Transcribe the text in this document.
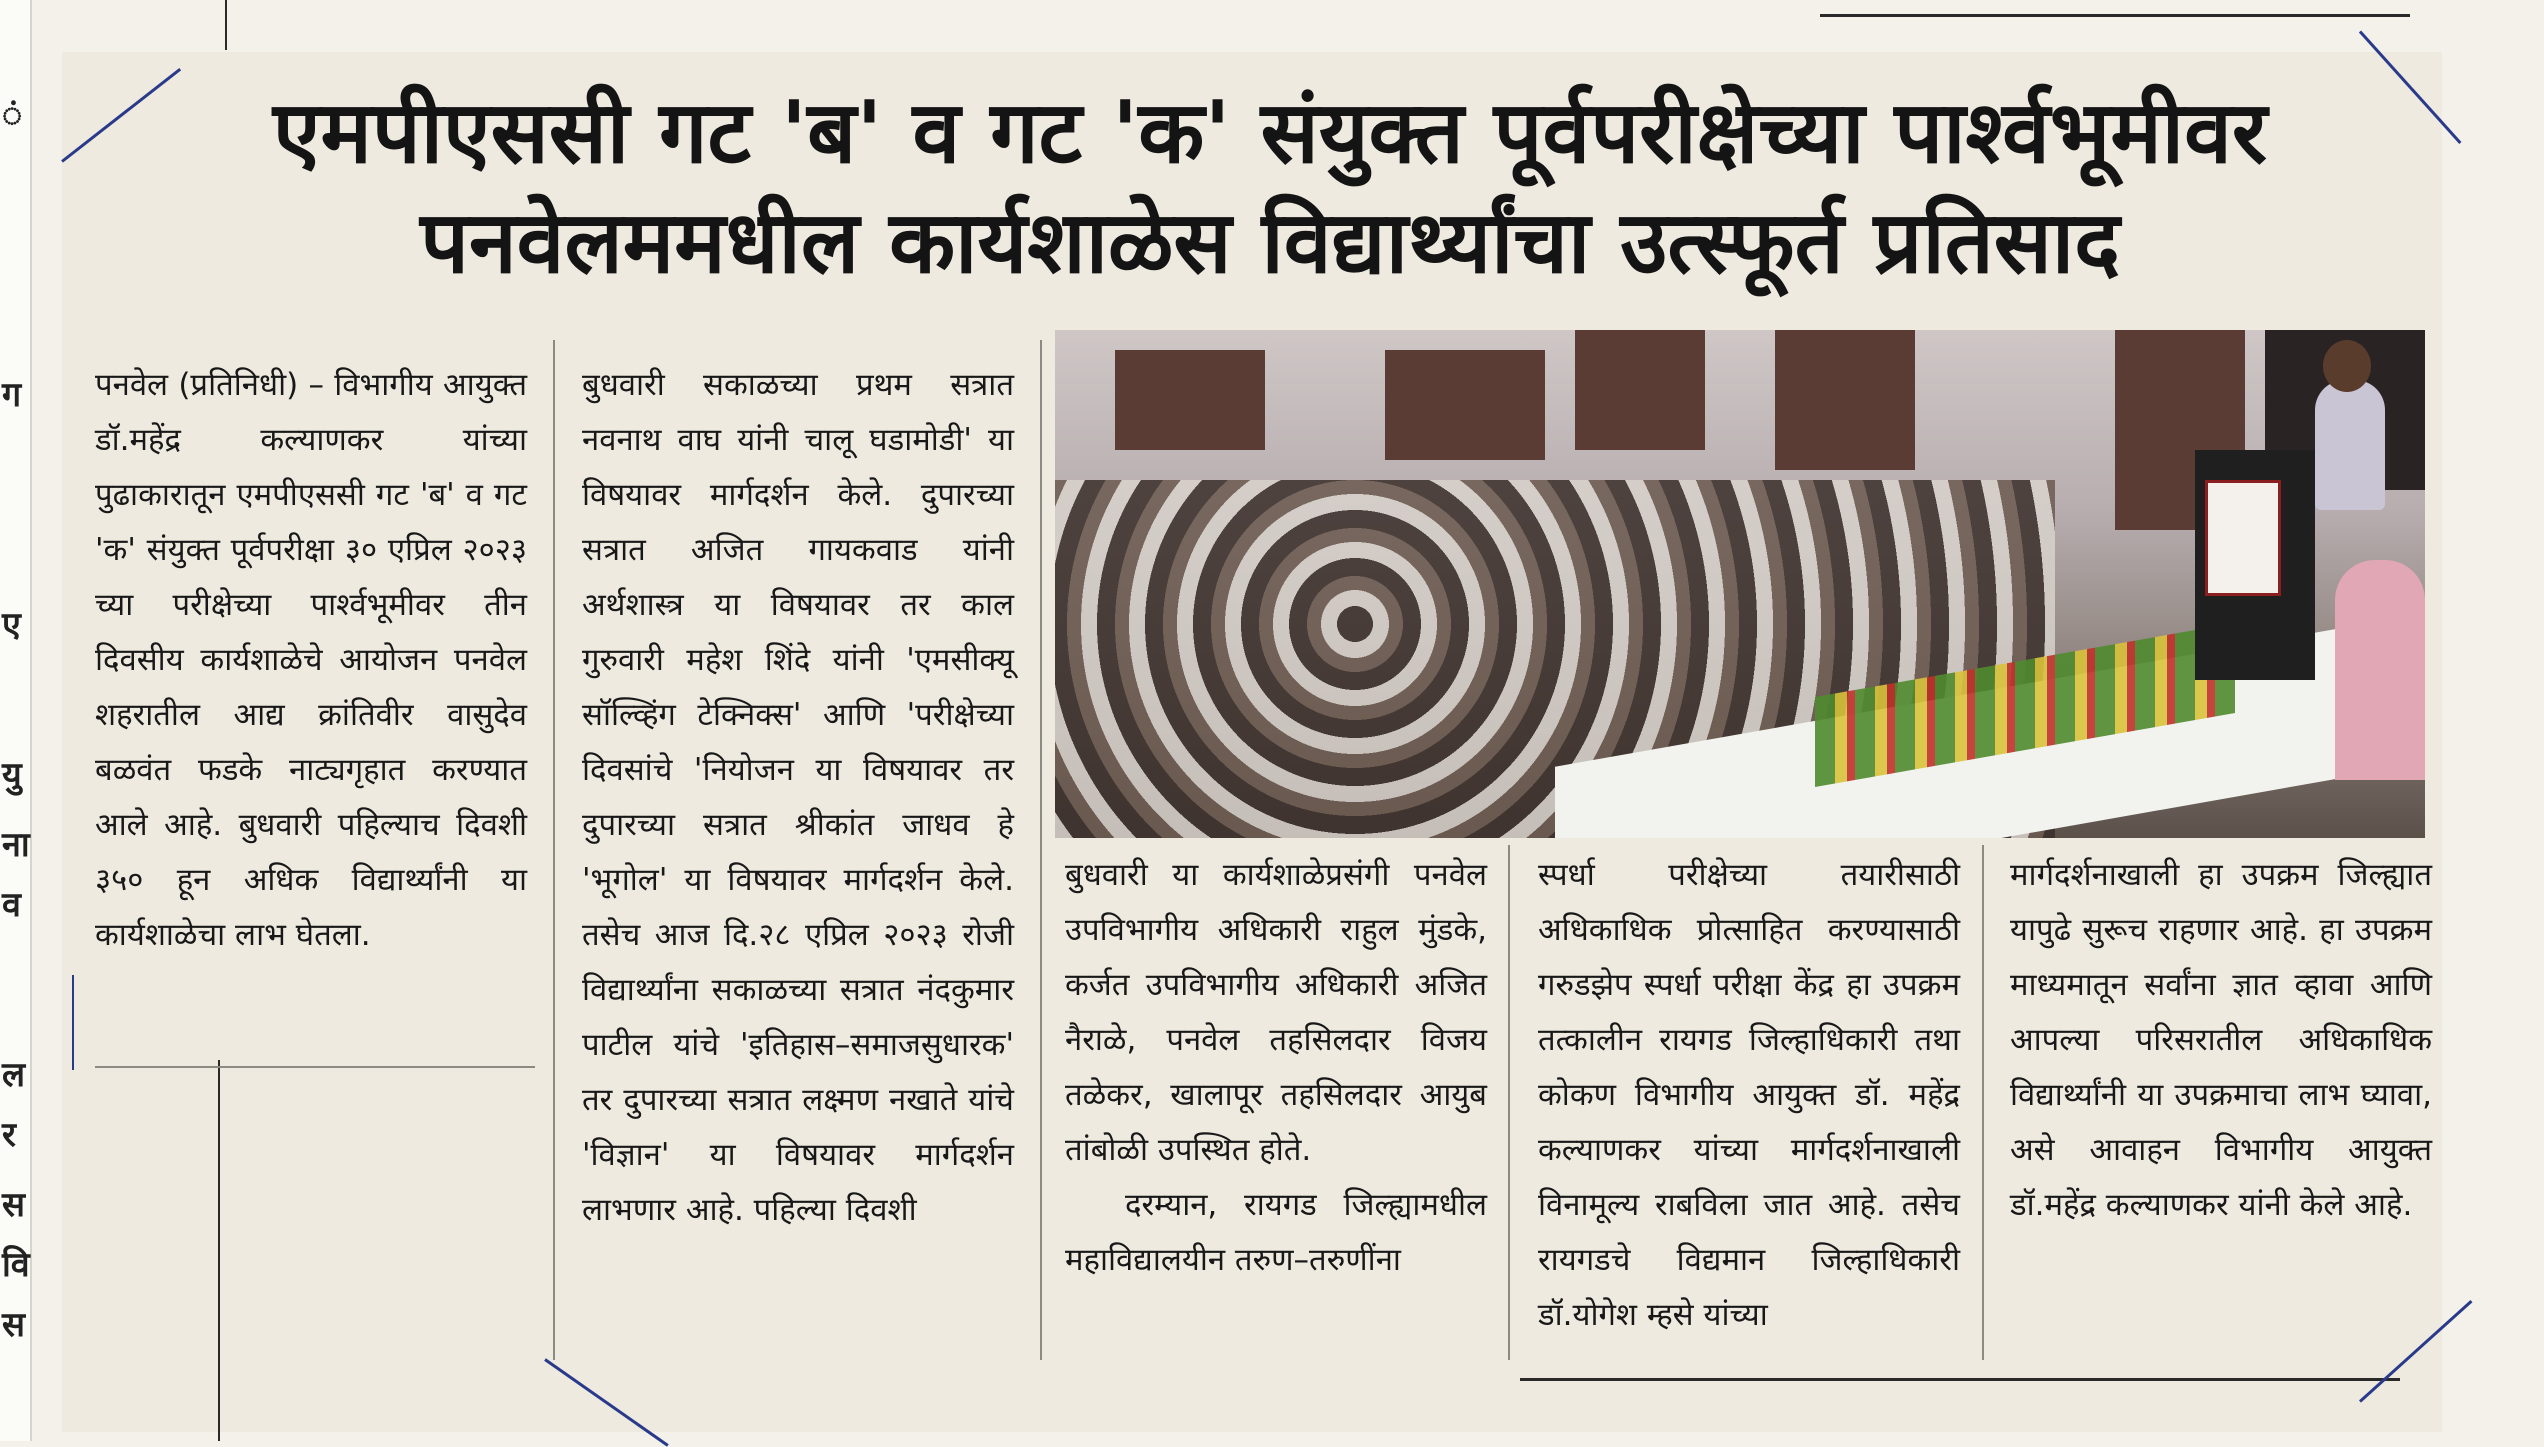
ं
ग
ए
यु
ना
व
ल
र
स
वि
स
एमपीएससी गट 'ब' व गट 'क' संयुक्त पूर्वपरीक्षेच्या पार्श्वभूमीवर
पनवेलममधील कार्यशाळेस विद्यार्थ्यांचा उत्स्फूर्त प्रतिसाद

पनवेल (प्रतिनिधी) – विभागीय आयुक्त डॉ.महेंद्र कल्याणकर यांच्या पुढाकारातून एमपीएससी गट 'ब' व गट 'क' संयुक्त पूर्वपरीक्षा ३० एप्रिल २०२३ च्या परीक्षेच्या पार्श्वभूमीवर तीन दिवसीय कार्यशाळेचे आयोजन पनवेल शहरातील आद्य क्रांतिवीर वासुदेव बळवंत फडके नाट्यगृहात करण्यात आले आहे. बुधवारी पहिल्याच दिवशी ३५० हून अधिक विद्यार्थ्यांनी या कार्यशाळेचा लाभ घेतला.

बुधवारी सकाळच्या प्रथम सत्रात नवनाथ वाघ यांनी चालू घडामोडी' या विषयावर मार्गदर्शन केले. दुपारच्या सत्रात अजित गायकवाड यांनी अर्थशास्त्र या विषयावर तर काल गुरुवारी महेश शिंदे यांनी 'एमसीक्यू सॉल्व्हिंग टेक्निक्स' आणि 'परीक्षेच्या दिवसांचे 'नियोजन या विषयावर तर दुपारच्या सत्रात श्रीकांत जाधव हे 'भूगोल' या विषयावर मार्गदर्शन केले. तसेच आज दि.२८ एप्रिल २०२३ रोजी विद्यार्थ्यांना सकाळच्या सत्रात नंदकुमार पाटील यांचे 'इतिहास–समाजसुधारक' तर दुपारच्या सत्रात लक्ष्मण नखाते यांचे 'विज्ञान' या विषयावर मार्गदर्शन लाभणार आहे. पहिल्या दिवशी

बुधवारी या कार्यशाळेप्रसंगी पनवेल उपविभागीय अधिकारी राहुल मुंडके, कर्जत उपविभागीय अधिकारी अजित नैराळे, पनवेल तहसिलदार विजय तळेकर, खालापूर तहसिलदार आयुब तांबोळी उपस्थित होते.

दरम्यान, रायगड जिल्ह्यामधील महाविद्यालयीन तरुण–तरुणींना

स्पर्धा परीक्षेच्या तयारीसाठी अधिकाधिक प्रोत्साहित करण्यासाठी गरुडझेप स्पर्धा परीक्षा केंद्र हा उपक्रम तत्कालीन रायगड जिल्हाधिकारी तथा कोकण विभागीय आयुक्त डॉ. महेंद्र कल्याणकर यांच्या मार्गदर्शनाखाली विनामूल्य राबविला जात आहे. तसेच रायगडचे विद्यमान जिल्हाधिकारी डॉ.योगेश म्हसे यांच्या

मार्गदर्शनाखाली हा उपक्रम जिल्ह्यात यापुढे सुरूच राहणार आहे. हा उपक्रम माध्यमातून सर्वांना ज्ञात व्हावा आणि आपल्या परिसरातील अधिकाधिक विद्यार्थ्यांनी या उपक्रमाचा लाभ घ्यावा, असे आवाहन विभागीय आयुक्त डॉ.महेंद्र कल्याणकर यांनी केले आहे.
